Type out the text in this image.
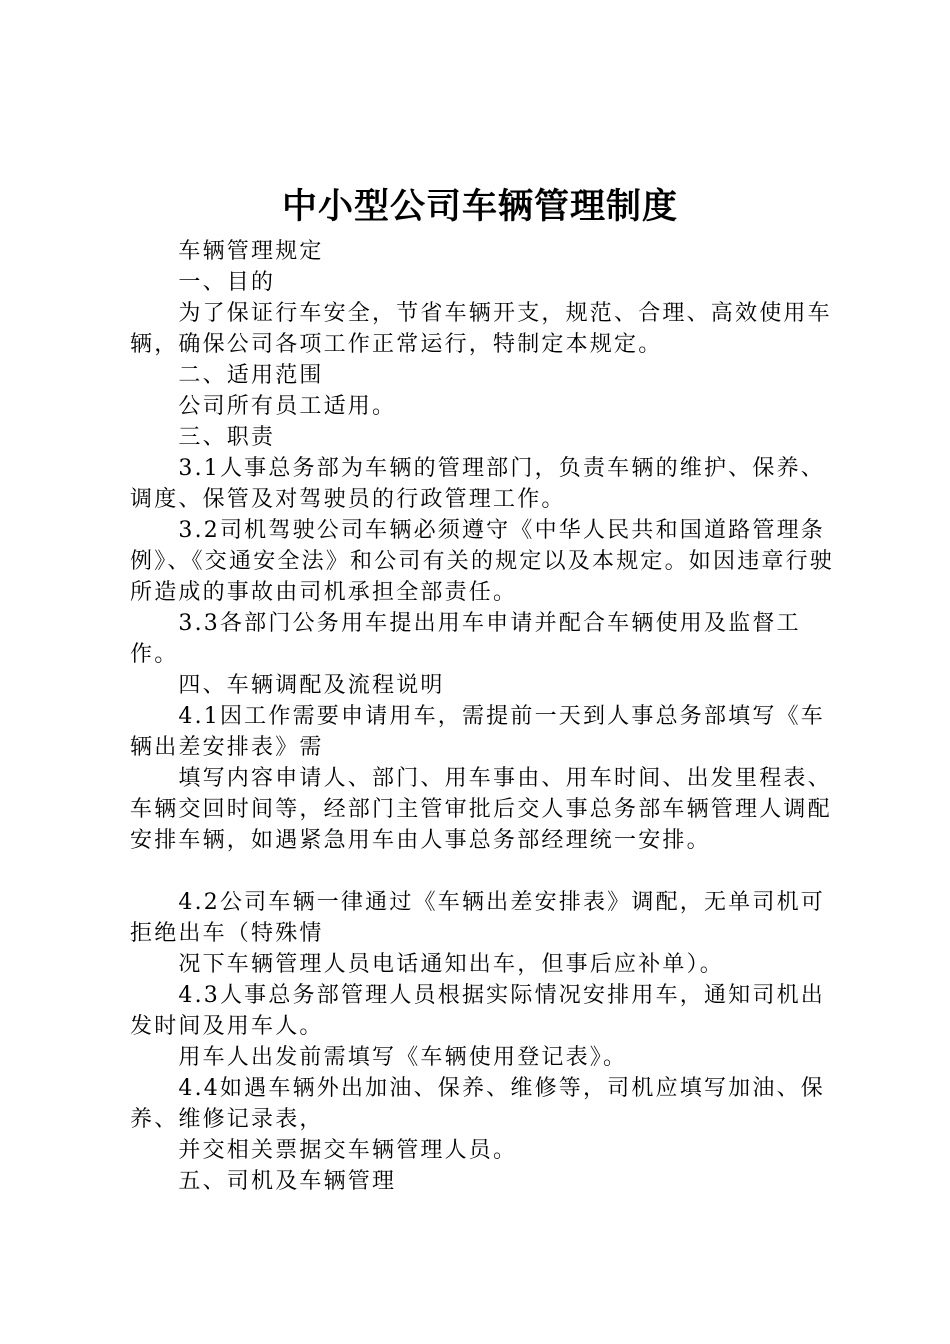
中小型公司车辆管理制度

车辆管理规定

一、目的

为了保证行车安全，节省车辆开支，规范、合理、高效使用车辆，确保公司各项工作正常运行，特制定本规定。

二、适用范围

公司所有员工适用。

三、职责

3.1人事总务部为车辆的管理部门，负责车辆的维护、保养、调度、保管及对驾驶员的行政管理工作。

3.2司机驾驶公司车辆必须遵守《中华人民共和国道路管理条例》、《交通安全法》和公司有关的规定以及本规定。如因违章行驶所造成的事故由司机承担全部责任。

3.3各部门公务用车提出用车申请并配合车辆使用及监督工作。

四、车辆调配及流程说明

4.1因工作需要申请用车，需提前一天到人事总务部填写《车辆出差安排表》需

填写内容申请人、部门、用车事由、用车时间、出发里程表、车辆交回时间等，经部门主管审批后交人事总务部车辆管理人调配安排车辆，如遇紧急用车由人事总务部经理统一安排。

4.2公司车辆一律通过《车辆出差安排表》调配，无单司机可拒绝出车（特殊情

况下车辆管理人员电话通知出车，但事后应补单）。

4.3人事总务部管理人员根据实际情况安排用车，通知司机出发时间及用车人。

用车人出发前需填写《车辆使用登记表》。

4.4如遇车辆外出加油、保养、维修等，司机应填写加油、保养、维修记录表，

并交相关票据交车辆管理人员。

五、司机及车辆管理
